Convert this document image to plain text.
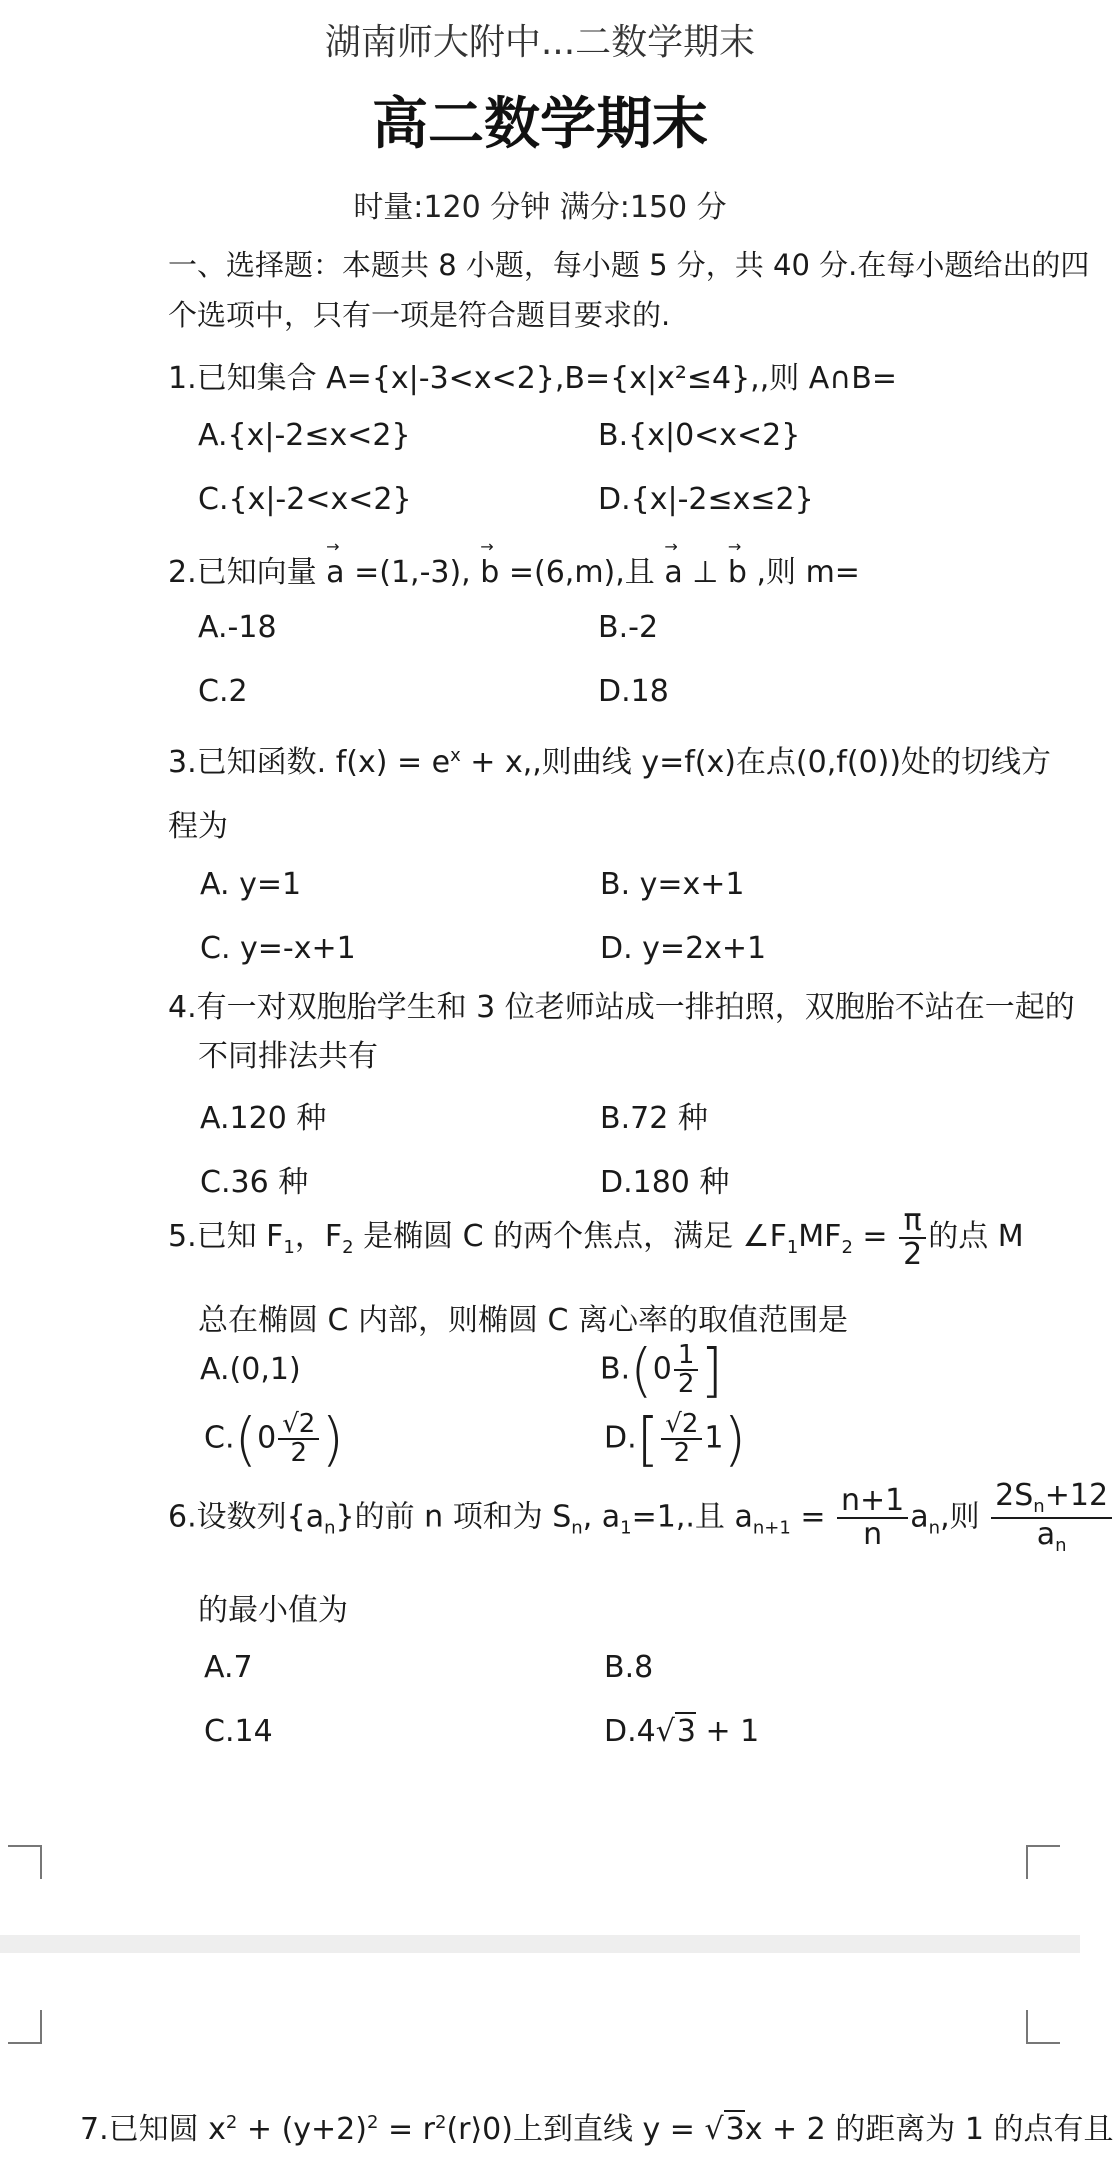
湖南师大附中...二数学期末
高二数学期末
时量:120 分钟 满分:150 分
一、选择题：本题共 8 小题，每小题 5 分，共 40 分.在每小题给出的四
个选项中，只有一项是符合题目要求的.
1.已知集合 A={x|-3<x<2},B={x|x²≤4},,则 A∩B=
A.{x|-2≤x<2}	B.{x|0<x<2}
C.{x|-2<x<2}	D.{x|-2≤x≤2}
2.已知向量 → a =(1,-3), → b =(6,m),且 → a ⊥ → b ,则 m=
A.-18	B.-2
C.2	D.18
3.已知函数. $f(x) = e^x + x$,,则曲线 y=f(x)在点(0,f(0))处的切线方
程为
A. y=1	B. y=x+1
C. y=-x+1	D. y=2x+1
4.有一对双胞胎学生和 3 位老师站成一排拍照，双胞胎不站在一起的
不同排法共有
A.120 种	B.72 种
C.36 种	D.180 种
5.已知 $F_1$，$F_2$ 是椭圆 C 的两个焦点，满足 $\angle F_1MF_2 = \frac{\pi}{2}$ 的点 M
总在椭圆 C 内部，则椭圆 C 离心率的取值范围是
A.(0,1)	$B.(0 \frac{1}{2}$ ]
$C.(0 \frac{√2}{2}$ )	$D.[ \frac{√2}{2} 1)$
6.设数列$\{a_n\}$的前 n 项和为 $S_n$, $a_1=1$,.且 $a_{n+1} = \frac{n+1}{n} a_n$,则 $\frac{2S_n+12}{a_n}$
的最小值为
A.7	B.8
C.14	D.4√3 + 1
7.已知圆 $x^2 + (y+2)^2$ = $r^2(r⟩0)$上到直线 y = √3x + 2 的距离为 1 的点有且
